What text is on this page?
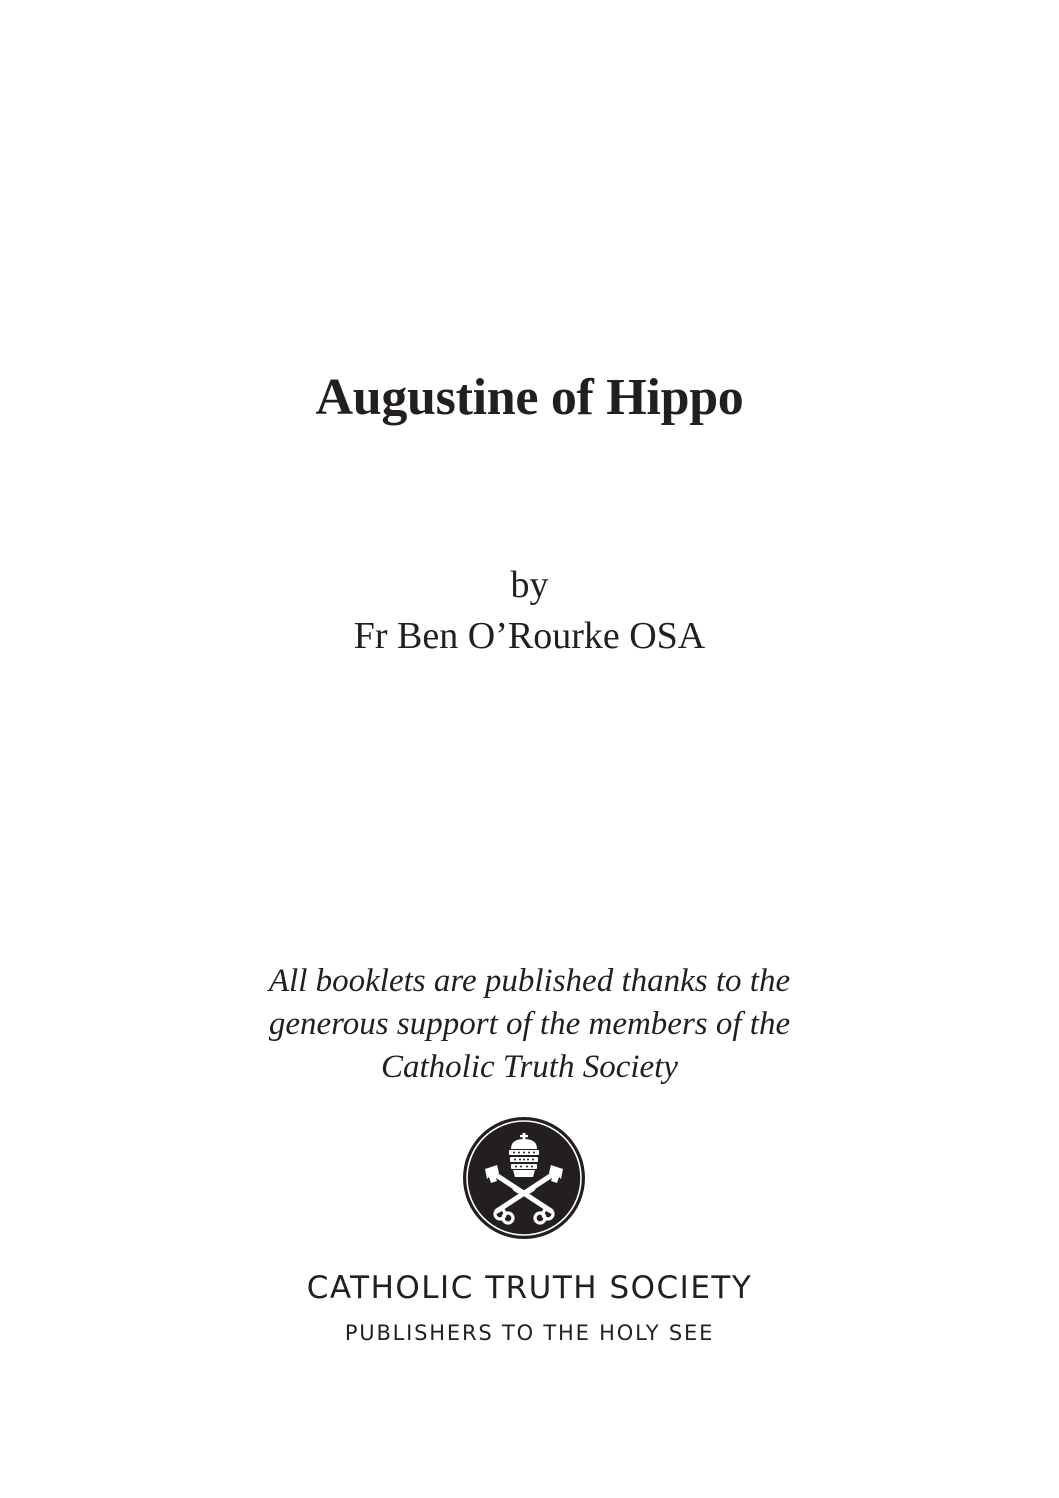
Augustine of Hippo
by
Fr Ben O’Rourke OSA
All booklets are published thanks to the
generous support of the members of the
Catholic Truth Society
CATHOLIC TRUTH SOCIETY
PUBLISHERS TO THE HOLY SEE
